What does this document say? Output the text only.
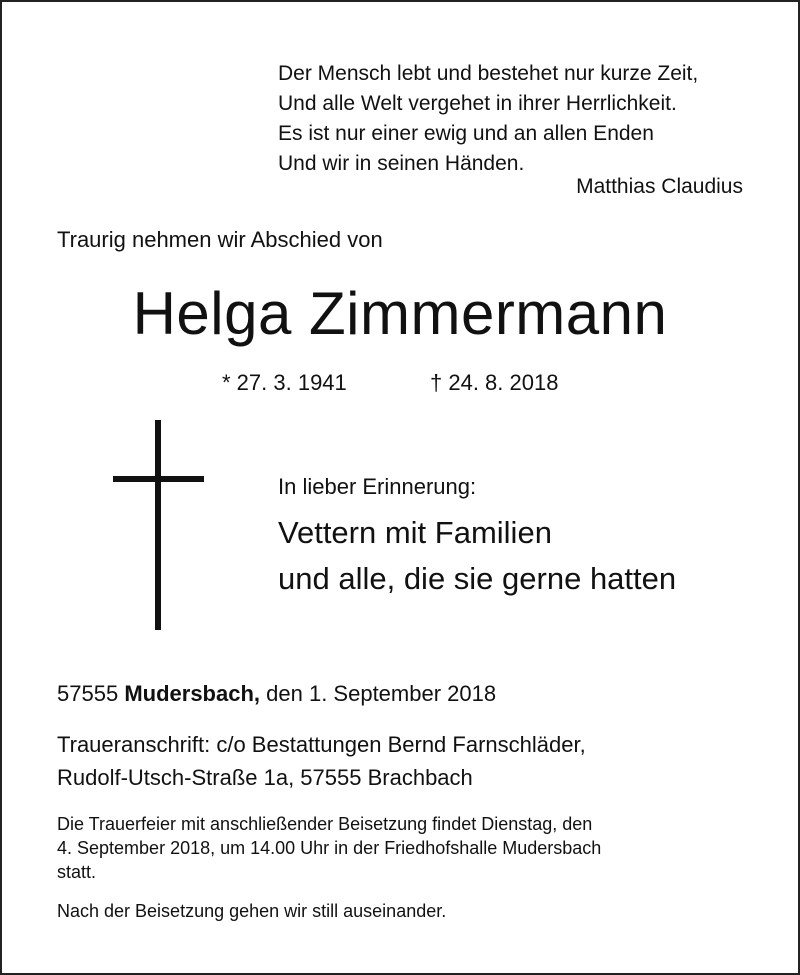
Der Mensch lebt und bestehet nur kurze Zeit,
Und alle Welt vergehet in ihrer Herrlichkeit.
Es ist nur einer ewig und an allen Enden
Und wir in seinen Händen.
Matthias Claudius
Traurig nehmen wir Abschied von
Helga Zimmermann
* 27. 3. 1941	† 24. 8. 2018
In lieber Erinnerung:
Vettern mit Familien
und alle, die sie gerne hatten
57555 Mudersbach, den 1. September 2018
Traueranschrift: c/o Bestattungen Bernd Farnschläder,
Rudolf-Utsch-Straße 1a, 57555 Brachbach
Die Trauerfeier mit anschließender Beisetzung findet Dienstag, den
4. September 2018, um 14.00 Uhr in der Friedhofshalle Mudersbach
statt.
Nach der Beisetzung gehen wir still auseinander.
